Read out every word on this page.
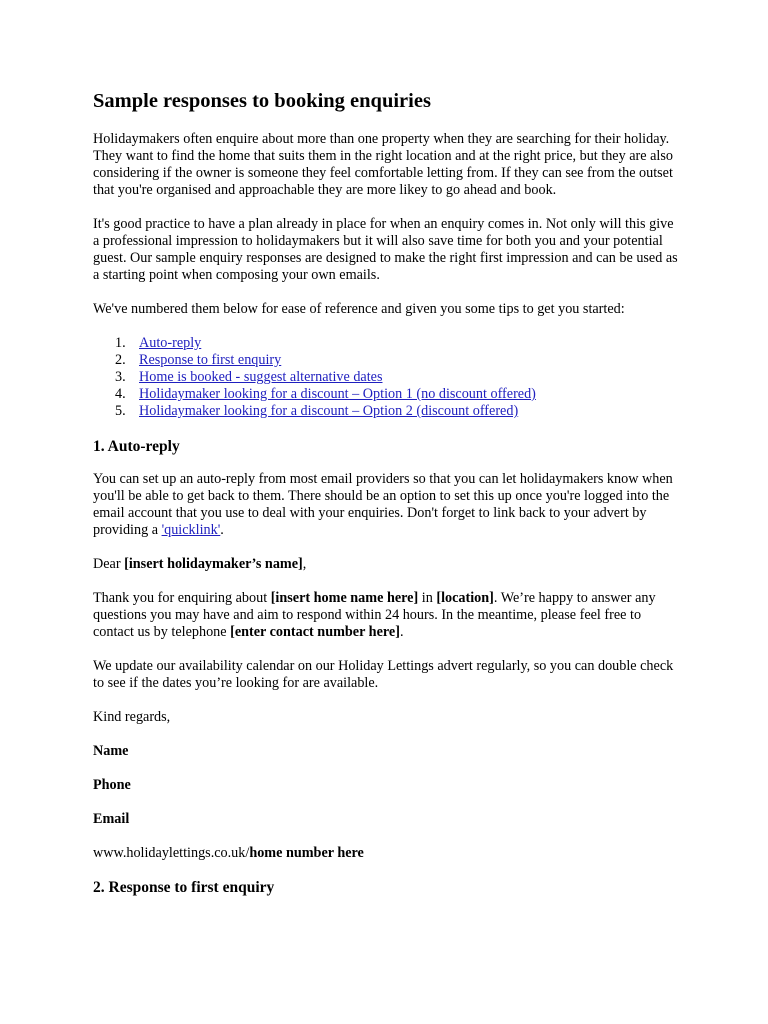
Sample responses to booking enquiries

Holidaymakers often enquire about more than one property when they are searching for their holiday. They want to find the home that suits them in the right location and at the right price, but they are also considering if the owner is someone they feel comfortable letting from. If they can see from the outset that you're organised and approachable they are more likey to go ahead and book.

It's good practice to have a plan already in place for when an enquiry comes in. Not only will this give a professional impression to holidaymakers but it will also save time for both you and your potential guest. Our sample enquiry responses are designed to make the right first impression and can be used as a starting point when composing your own emails.

We've numbered them below for ease of reference and given you some tips to get you started:

1. Auto-reply
2. Response to first enquiry
3. Home is booked - suggest alternative dates
4. Holidaymaker looking for a discount – Option 1 (no discount offered)
5. Holidaymaker looking for a discount – Option 2 (discount offered)
1. Auto-reply

You can set up an auto-reply from most email providers so that you can let holidaymakers know when you'll be able to get back to them. There should be an option to set this up once you're logged into the email account that you use to deal with your enquiries. Don't forget to link back to your advert by providing a 'quicklink'.

Dear [insert holidaymaker’s name],

Thank you for enquiring about [insert home name here] in [location]. We’re happy to answer any questions you may have and aim to respond within 24 hours. In the meantime, please feel free to contact us by telephone [enter contact number here].

We update our availability calendar on our Holiday Lettings advert regularly, so you can double check to see if the dates you’re looking for are available.

Kind regards,

Name

Phone

Email

www.holidaylettings.co.uk/home number here

2. Response to first enquiry
